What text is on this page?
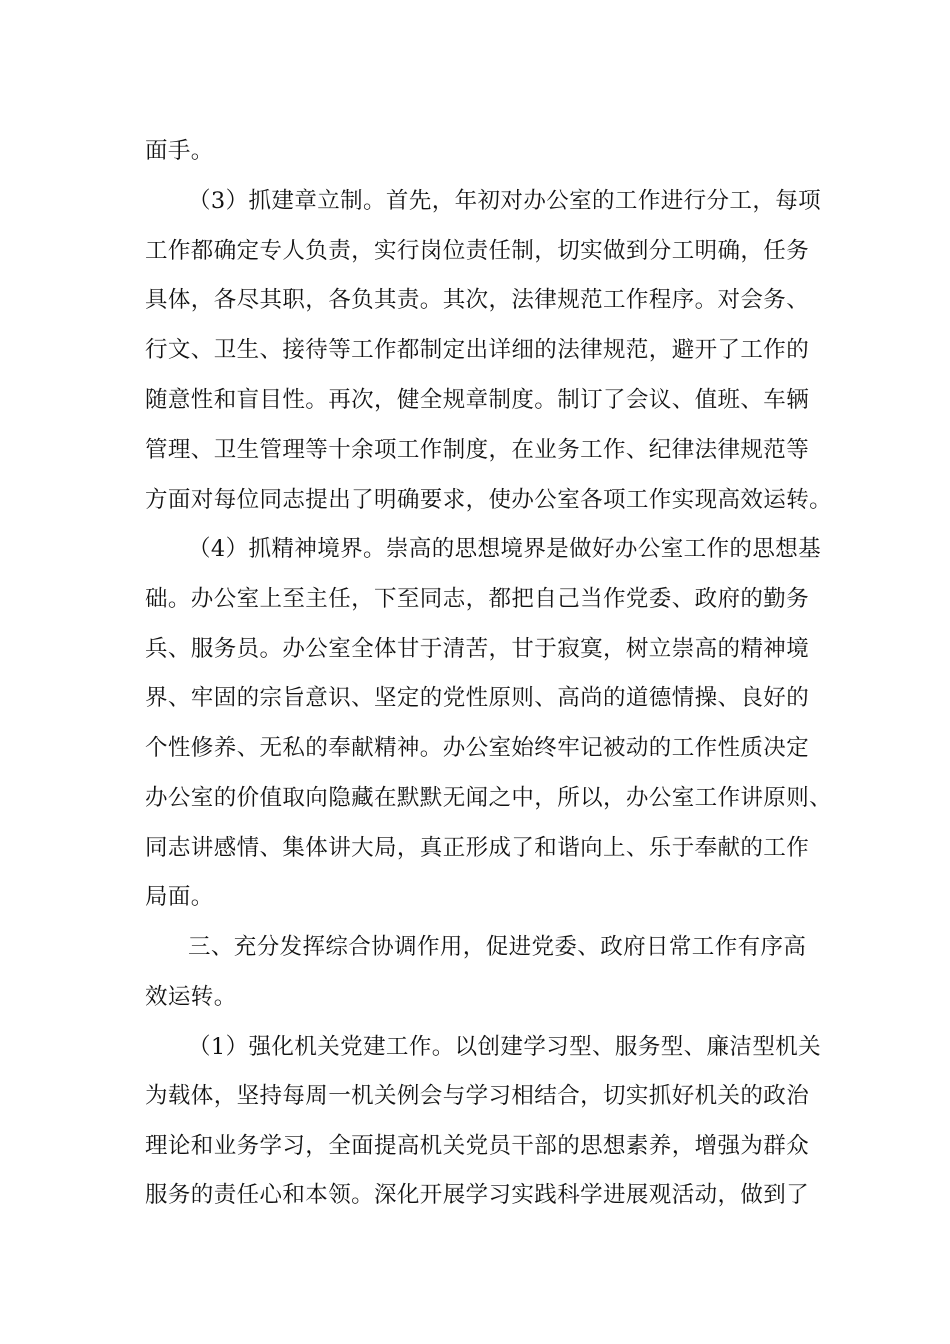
面手。
（3）抓建章立制。首先，年初对办公室的工作进行分工，每项
工作都确定专人负责，实行岗位责任制，切实做到分工明确，任务
具体，各尽其职，各负其责。其次，法律规范工作程序。对会务、
行文、卫生、接待等工作都制定出详细的法律规范，避开了工作的
随意性和盲目性。再次，健全规章制度。制订了会议、值班、车辆
管理、卫生管理等十余项工作制度，在业务工作、纪律法律规范等
方面对每位同志提出了明确要求，使办公室各项工作实现高效运转。
（4）抓精神境界。崇高的思想境界是做好办公室工作的思想基
础。办公室上至主任，下至同志，都把自己当作党委、政府的勤务
兵、服务员。办公室全体甘于清苦，甘于寂寞，树立崇高的精神境
界、牢固的宗旨意识、坚定的党性原则、高尚的道德情操、良好的
个性修养、无私的奉献精神。办公室始终牢记被动的工作性质决定
办公室的价值取向隐藏在默默无闻之中，所以，办公室工作讲原则、
同志讲感情、集体讲大局，真正形成了和谐向上、乐于奉献的工作
局面。
三、充分发挥综合协调作用，促进党委、政府日常工作有序高
效运转。
（1）强化机关党建工作。以创建学习型、服务型、廉洁型机关
为载体，坚持每周一机关例会与学习相结合，切实抓好机关的政治
理论和业务学习，全面提高机关党员干部的思想素养，增强为群众
服务的责任心和本领。深化开展学习实践科学进展观活动，做到了
